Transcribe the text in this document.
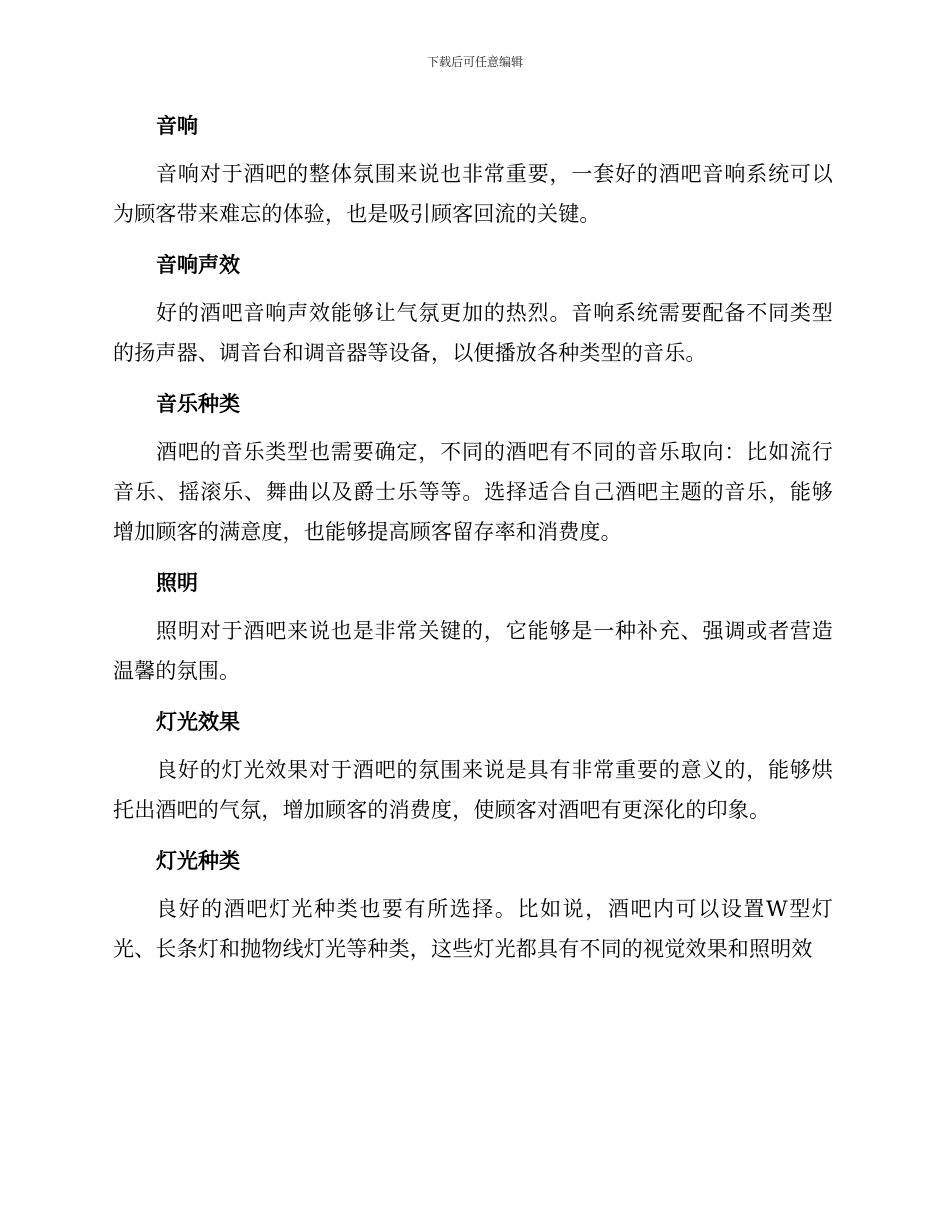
下载后可任意编辑
音响

音响对于酒吧的整体氛围来说也非常重要，一套好的酒吧音响系统可以为顾客带来难忘的体验，也是吸引顾客回流的关键。

音响声效

好的酒吧音响声效能够让气氛更加的热烈。音响系统需要配备不同类型的扬声器、调音台和调音器等设备，以便播放各种类型的音乐。

音乐种类

酒吧的音乐类型也需要确定，不同的酒吧有不同的音乐取向：比如流行音乐、摇滚乐、舞曲以及爵士乐等等。选择适合自己酒吧主题的音乐，能够增加顾客的满意度，也能够提高顾客留存率和消费度。

照明

照明对于酒吧来说也是非常关键的，它能够是一种补充、强调或者营造温馨的氛围。

灯光效果

良好的灯光效果对于酒吧的氛围来说是具有非常重要的意义的，能够烘托出酒吧的气氛，增加顾客的消费度，使顾客对酒吧有更深化的印象。

灯光种类

良好的酒吧灯光种类也要有所选择。比如说，酒吧内可以设置W型灯光、长条灯和抛物线灯光等种类，这些灯光都具有不同的视觉效果和照明效
